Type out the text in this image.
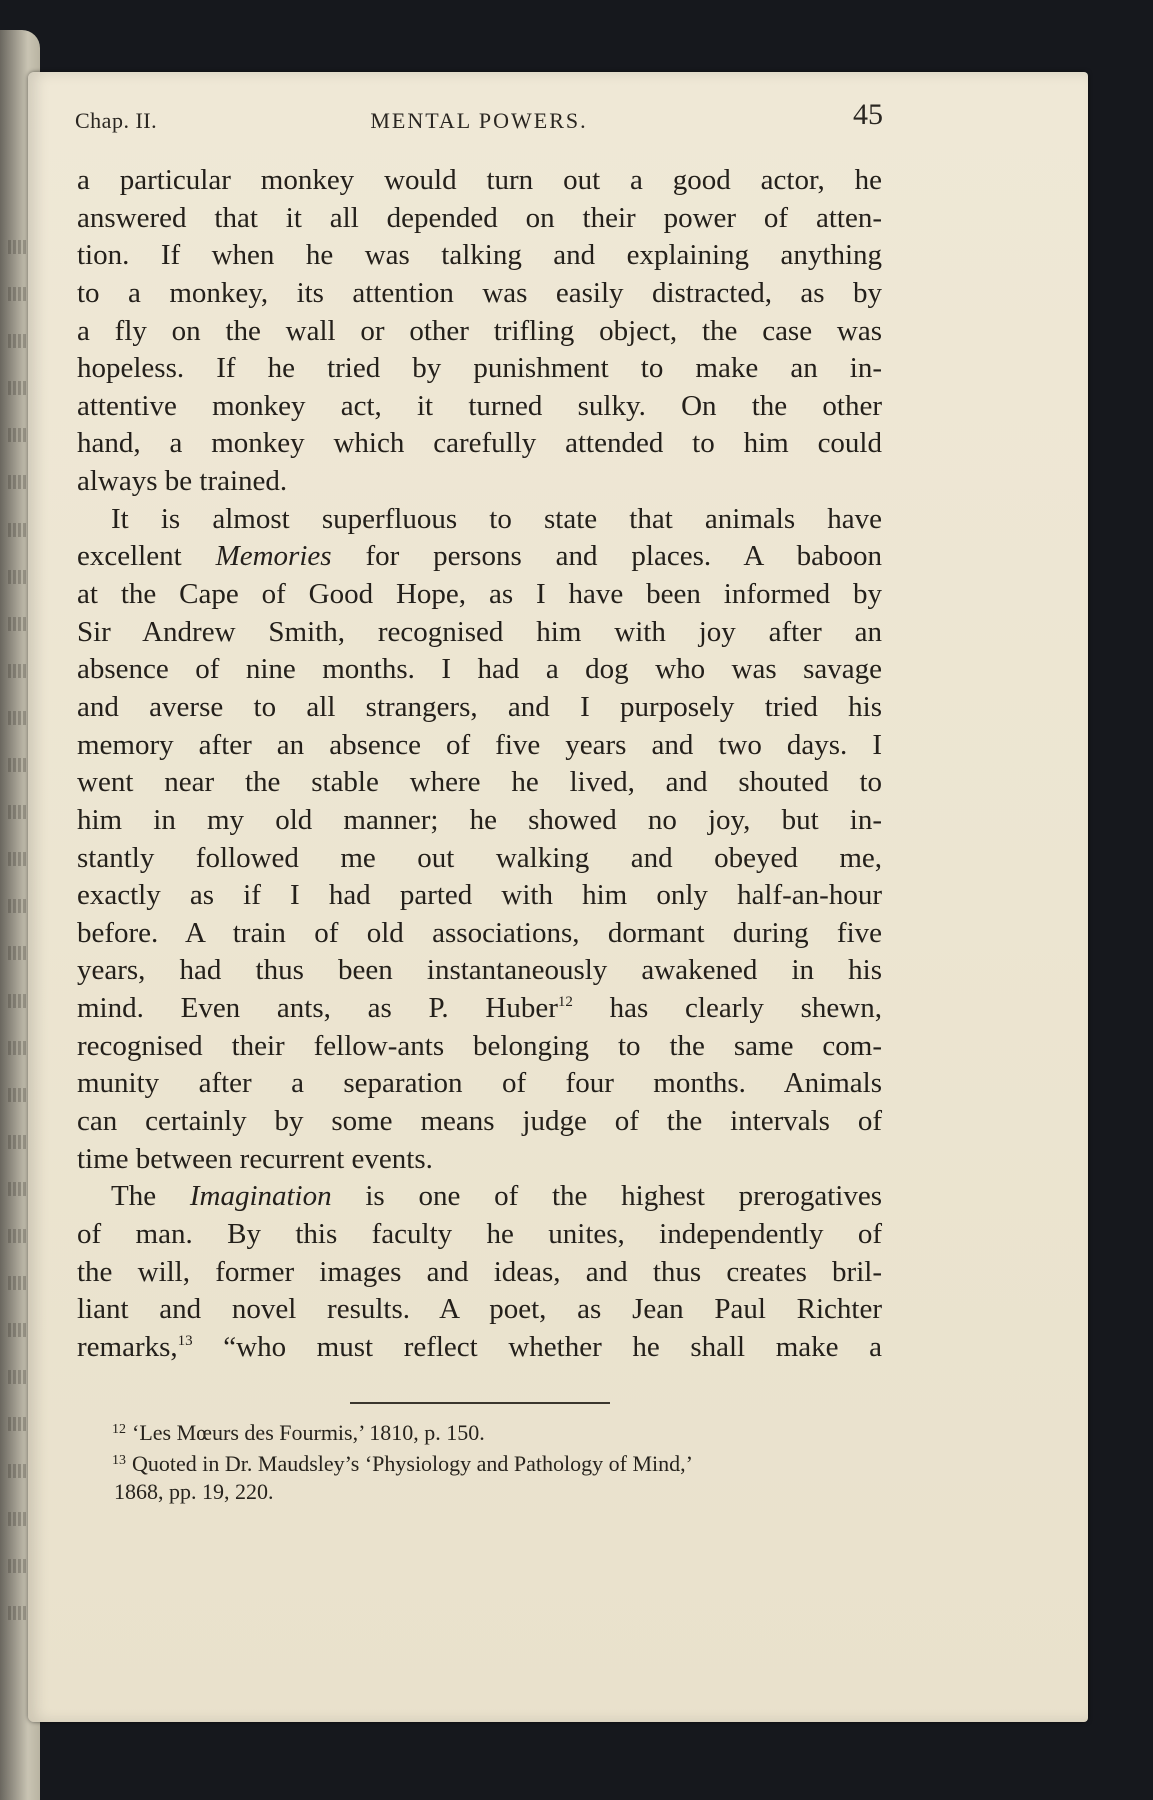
Chap. II.	MENTAL POWERS.	45

a particular monkey would turn out a good actor, he
answered that it all depended on their power of atten-
tion. If when he was talking and explaining anything
to a monkey, its attention was easily distracted, as by
a fly on the wall or other trifling object, the case was
hopeless. If he tried by punishment to make an in-
attentive monkey act, it turned sulky. On the other
hand, a monkey which carefully attended to him could
always be trained.

It is almost superfluous to state that animals have
excellent Memories for persons and places. A baboon
at the Cape of Good Hope, as I have been informed by
Sir Andrew Smith, recognised him with joy after an
absence of nine months. I had a dog who was savage
and averse to all strangers, and I purposely tried his
memory after an absence of five years and two days. I
went near the stable where he lived, and shouted to
him in my old manner; he showed no joy, but in-
stantly followed me out walking and obeyed me,
exactly as if I had parted with him only half-an-hour
before. A train of old associations, dormant during five
years, had thus been instantaneously awakened in his
mind. Even ants, as P. Huber$^{12}$ has clearly shewn,
recognised their fellow-ants belonging to the same com-
munity after a separation of four months. Animals
can certainly by some means judge of the intervals of
time between recurrent events.

The Imagination is one of the highest prerogatives
of man. By this faculty he unites, independently of
the will, former images and ideas, and thus creates bril-
liant and novel results. A poet, as Jean Paul Richter
remarks,$^{13}$ “who must reflect whether he shall make a

$^{12}$ ‘Les Mœurs des Fourmis,’ 1810, p. 150.
$^{13}$ Quoted in Dr. Maudsley’s ‘Physiology and Pathology of Mind,’
1868, pp. 19, 220.
